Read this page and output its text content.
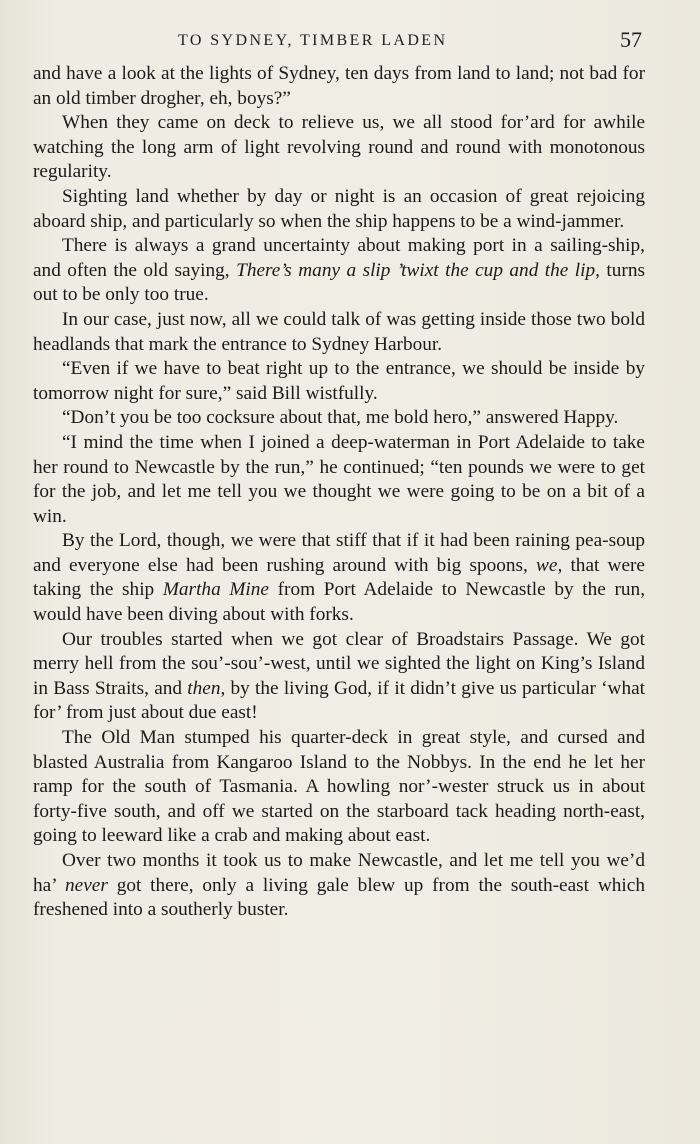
TO SYDNEY, TIMBER LADEN	57

and have a look at the lights of Sydney, ten days from land to land; not bad for an old timber drogher, eh, boys?”

When they came on deck to relieve us, we all stood for’ard for awhile watching the long arm of light revolving round and round with monotonous regularity.

Sighting land whether by day or night is an occasion of great rejoicing aboard ship, and particularly so when the ship happens to be a wind-jammer.

There is always a grand uncertainty about making port in a sailing-ship, and often the old saying, There’s many a slip ’twixt the cup and the lip, turns out to be only too true.

In our case, just now, all we could talk of was getting inside those two bold headlands that mark the entrance to Sydney Harbour.

“Even if we have to beat right up to the entrance, we should be inside by tomorrow night for sure,” said Bill wistfully.

“Don’t you be too cocksure about that, me bold hero,” answered Happy.

“I mind the time when I joined a deep-waterman in Port Adelaide to take her round to Newcastle by the run,” he continued; “ten pounds we were to get for the job, and let me tell you we thought we were going to be on a bit of a win.

By the Lord, though, we were that stiff that if it had been raining pea-soup and everyone else had been rushing around with big spoons, we, that were taking the ship Martha Mine from Port Adelaide to Newcastle by the run, would have been diving about with forks.

Our troubles started when we got clear of Broadstairs Passage. We got merry hell from the sou’-sou’-west, until we sighted the light on King’s Island in Bass Straits, and then, by the living God, if it didn’t give us particular ‘what for’ from just about due east!

The Old Man stumped his quarter-deck in great style, and cursed and blasted Australia from Kangaroo Island to the Nobbys. In the end he let her ramp for the south of Tasmania. A howling nor’-wester struck us in about forty-five south, and off we started on the starboard tack heading north-east, going to leeward like a crab and making about east.

Over two months it took us to make Newcastle, and let me tell you we’d ha’ never got there, only a living gale blew up from the south-east which freshened into a southerly buster.
